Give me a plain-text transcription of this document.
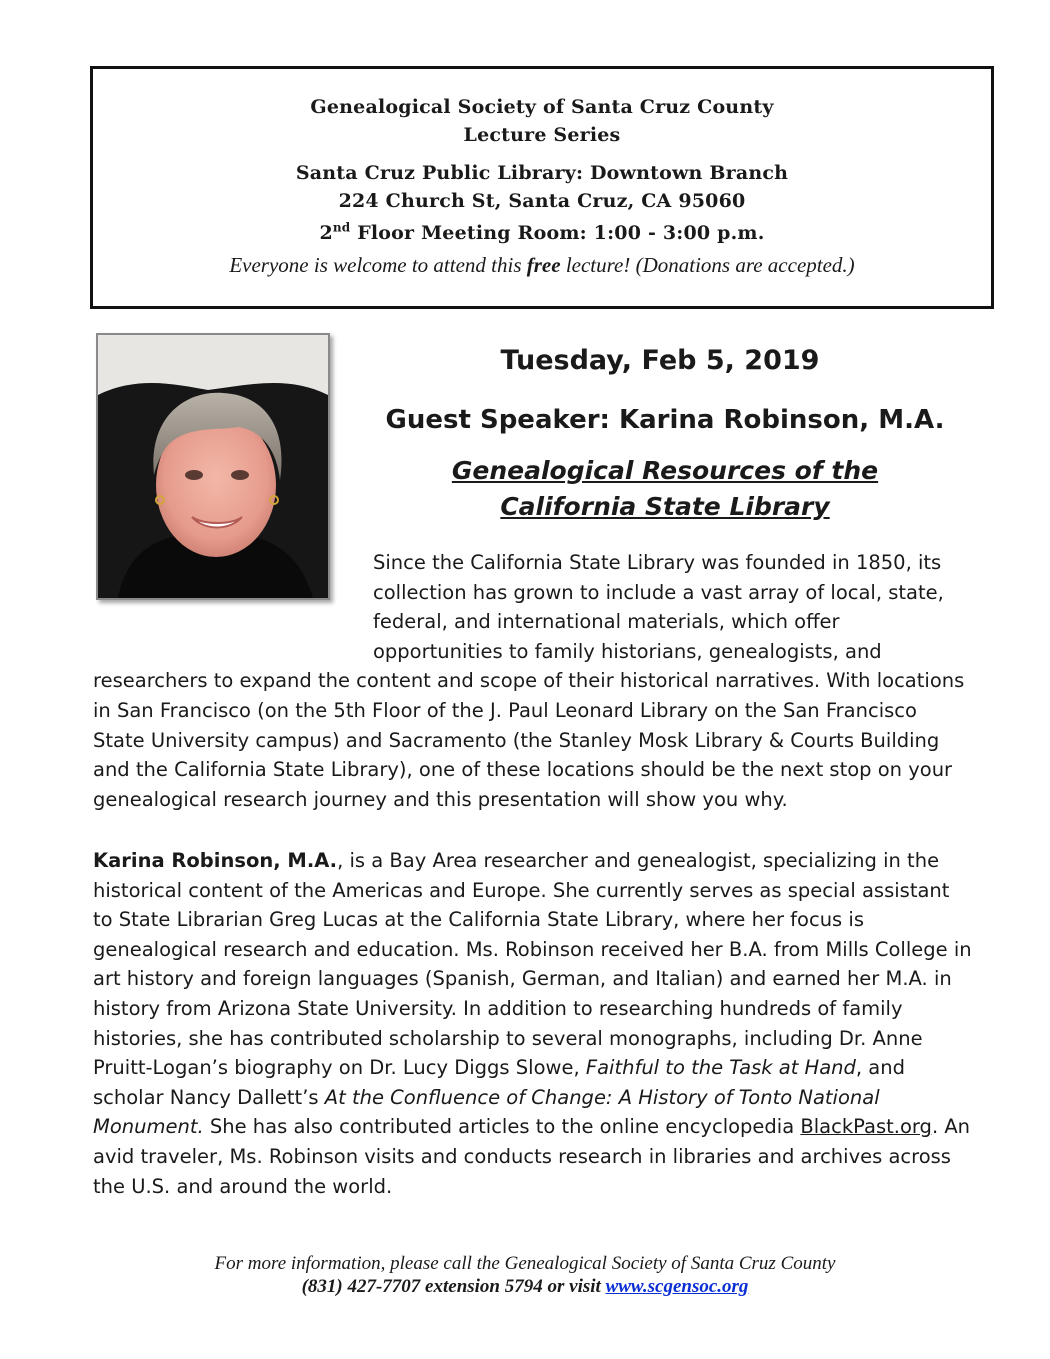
Genealogical Society of Santa Cruz County
Lecture Series
Santa Cruz Public Library: Downtown Branch
224 Church St, Santa Cruz, CA 95060
2nd Floor Meeting Room: 1:00 - 3:00 p.m.
Everyone is welcome to attend this free lecture! (Donations are accepted.)
Tuesday, Feb 5, 2019
Guest Speaker: Karina Robinson, M.A.
Genealogical Resources of the
California State Library
Since the California State Library was founded in 1850, its collection has grown to include a vast array of local, state, federal, and international materials, which offer opportunities to family historians, genealogists, and researchers to expand the content and scope of their historical narratives. With locations in San Francisco (on the 5th Floor of the J. Paul Leonard Library on the San Francisco State University campus) and Sacramento (the Stanley Mosk Library & Courts Building and the California State Library), one of these locations should be the next stop on your genealogical research journey and this presentation will show you why.
Karina Robinson, M.A., is a Bay Area researcher and genealogist, specializing in the historical content of the Americas and Europe. She currently serves as special assistant to State Librarian Greg Lucas at the California State Library, where her focus is genealogical research and education. Ms. Robinson received her B.A. from Mills College in art history and foreign languages (Spanish, German, and Italian) and earned her M.A. in history from Arizona State University. In addition to researching hundreds of family histories, she has contributed scholarship to several monographs, including Dr. Anne Pruitt-Logan’s biography on Dr. Lucy Diggs Slowe, Faithful to the Task at Hand, and scholar Nancy Dallett’s At the Confluence of Change: A History of Tonto National Monument. She has also contributed articles to the online encyclopedia BlackPast.org. An avid traveler, Ms. Robinson visits and conducts research in libraries and archives across the U.S. and around the world.
For more information, please call the Genealogical Society of Santa Cruz County
(831) 427-7707 extension 5794 or visit www.scgensoc.org
